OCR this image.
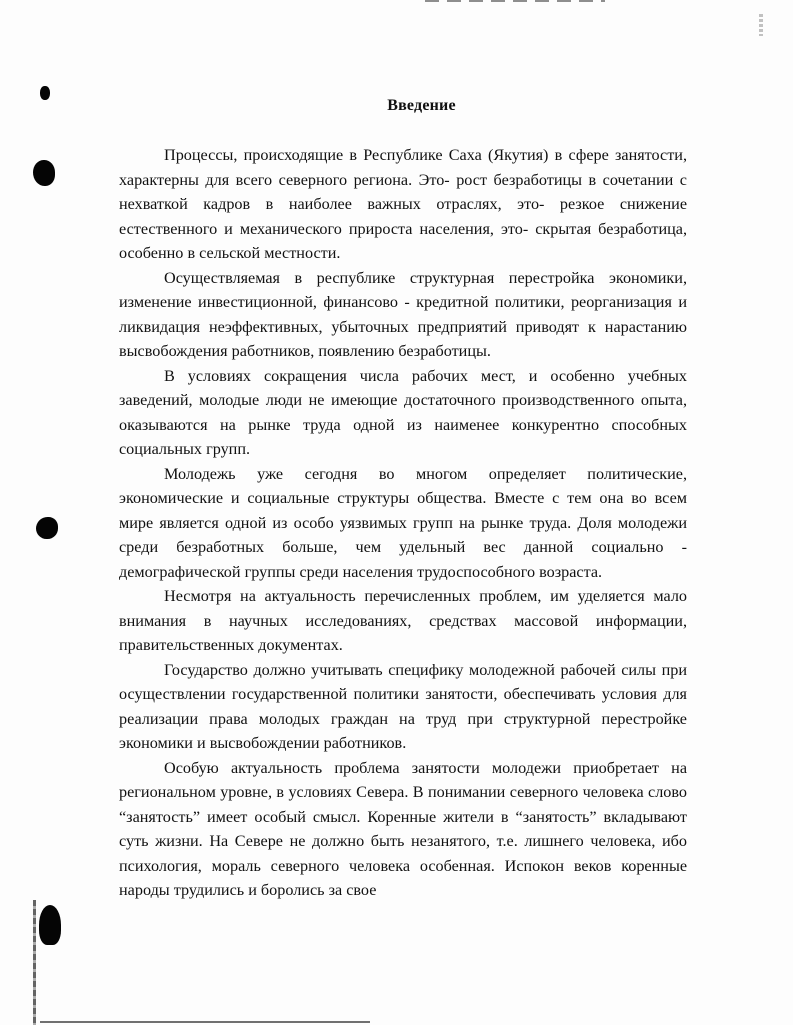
Введение

Процессы, происходящие в Республике Саха (Якутия) в сфере занятости, характерны для всего северного региона. Это- рост безработицы в сочетании с нехваткой кадров в наиболее важных отраслях, это- резкое снижение естественного и механического прироста населения, это- скрытая безработица, особенно в сельской местности.

Осуществляемая в республике структурная перестройка экономики, изменение инвестиционной, финансово - кредитной политики, реорганизация и ликвидация неэффективных, убыточных предприятий приводят к нарастанию высвобождения работников, появлению безработицы.

В условиях сокращения числа рабочих мест, и особенно учебных заведений, молодые люди не имеющие достаточного производственного опыта, оказываются на рынке труда одной из наименее конкурентно способных социальных групп.

Молодежь уже сегодня во многом определяет политические, экономические и социальные структуры общества. Вместе с тем она во всем мире является одной из особо уязвимых групп на рынке труда. Доля молодежи среди безработных больше, чем удельный вес данной социально - демографической группы среди населения трудоспособного возраста.

Несмотря на актуальность перечисленных проблем, им уделяется мало внимания в научных исследованиях, средствах массовой информации, правительственных документах.

Государство должно учитывать специфику молодежной рабочей силы при осуществлении государственной политики занятости, обеспечивать условия для реализации права молодых граждан на труд при структурной перестройке экономики и высвобождении работников.

Особую актуальность проблема занятости молодежи приобретает на региональном уровне, в условиях Севера. В понимании северного человека слово “занятость” имеет особый смысл. Коренные жители в “занятость” вкладывают суть жизни. На Севере не должно быть незанятого, т.е. лишнего человека, ибо психология, мораль северного человека особенная. Испокон веков коренные народы трудились и боролись за свое
